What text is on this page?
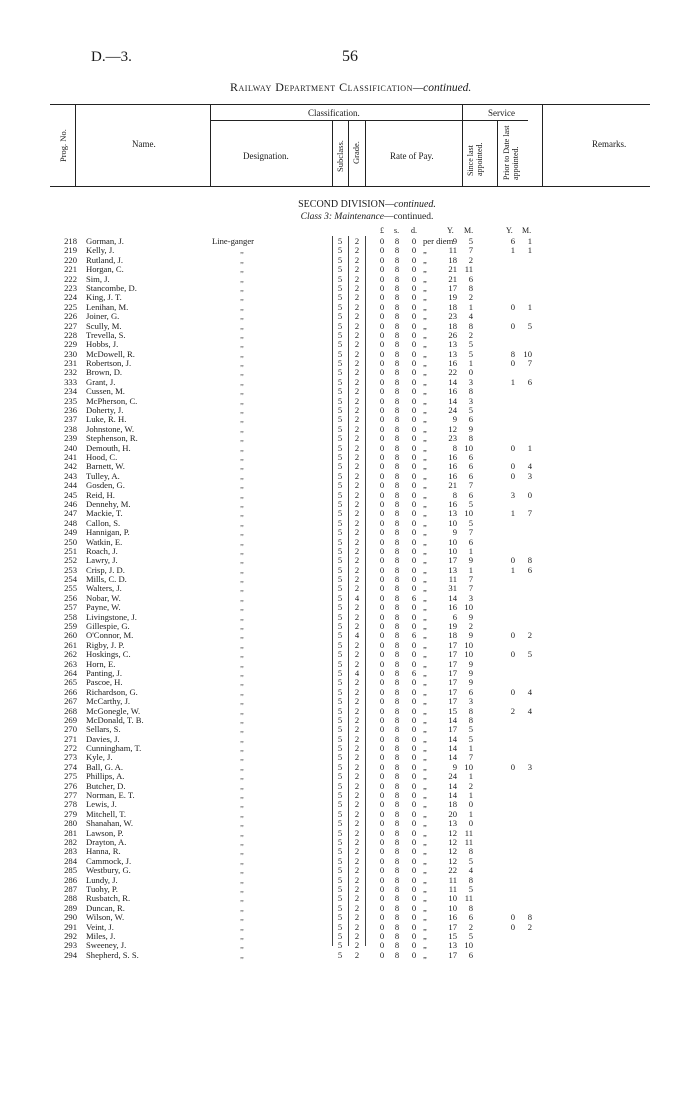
D.—3.	56
Railway Department Classification—continued.
Classification.	Service
Prog. No.	Name.
Designation.	Subclass. Grade.	Rate of Pay.	Since last appointed. Prior to Date last appointed.
Remarks.
SECOND DIVISION—continued.
Class 3: Maintenance—continued.
£ s. d.	Y. M.	Y. M.
218 Gorman, J.	Line-ganger	5	2	0 8 0 per diem 9	5	6	1
219 Kelly, J.	„	5	2	0 8 0 „	11	7	1	1
220 Rutland, J.	„	5	2	0 8 0 „	18	2
221 Horgan, C.	„	5	2	0 8 0 „	21 11
222 Sim, J.	„	5	2	0 8 0 „	21	6
223 Stancombe, D.	„	5	2	0 8 0 „	17	8
224 King, J. T.	„	5	2	0 8 0 „	19	2
225 Lenihan, M.	„	5	2	0 8 0 „	18	1	0	1
226 Joiner, G.	„	5	2	0 8 0 „	23	4
227 Scully, M.	„	5	2	0 8 0 „	18	8	0	5
228 Trevella, S.	„	5	2	0 8 0 „	26	2
229 Hobbs, J.	„	5	2	0 8 0 „	13	5
230 McDowell, R.	„	5	2	0 8 0 „	13	5	8 10
231 Robertson, J.	„	5	2	0 8 0 „	16	1	0	7
232 Brown, D.	„	5	2	0 8 0 „	22	0
333 Grant, J.	„	5	2	0 8 0 „	14	3	1	6
234 Cussen, M.	„	5	2	0 8 0 „	16	8
235 McPherson, C.	„	5	2	0 8 0 „	14	3
236 Doherty, J.	„	5	2	0 8 0 „	24	5
237 Luke, R. H.	„	5	2	0 8 0 „	9	6
238 Johnstone, W.	„	5	2	0 8 0 „	12	9
239 Stephenson, R.	„	5	2	0 8 0 „	23	8
240 Demouth, H.	„	5	2	0 8 0 „	8 10	0	1
241 Hood, C.	„	5	2	0 8 0 „	16	6
242 Barnett, W.	„	5	2	0 8 0 „	16	6	0	4
243 Tulley, A.	„	5	2	0 8 0 „	16	6	0	3
244 Gosden, G.	„	5	2	0 8 0 „	21	7
245 Reid, H.	„	5	2	0 8 0 „	8	6	3	0
246 Dennehy, M.	„	5	2	0 8 0 „	16	5
247 Mackie, T.	„	5	2	0 8 0 „	13 10	1	7
248 Callon, S.	„	5	2	0 8 0 „	10	5
249 Hannigan, P.	„	5	2	0 8 0 „	9	7
250 Watkin, E.	„	5	2	0 8 0 „	10	6
251 Roach, J.	„	5	2	0 8 0 „	10	1
252 Lawry, J.	„	5	2	0 8 0 „	17	9	0	8
253 Crisp, J. D.	„	5	2	0 8 0 „	13	1	1	6
254 Mills, C. D.	„	5	2	0 8 0 „	11	7
255 Walters, J.	„	5	2	0 8 0 „	31	7
256 Nobar, W.	„	5	4	0 8 6 „	14	3
257 Payne, W.	„	5	2	0 8 0 „	16 10
258 Livingstone, J.	„	5	2	0 8 0 „	6	9
259 Gillespie, G.	„	5	2	0 8 0 „	19	2
260 O'Connor, M.	„	5	4	0 8 6 „	18	9	0	2
261 Rigby, J. P.	„	5	2	0 8 0 „	17 10
262 Hoskings, C.	„	5	2	0 8 0 „	17 10	0	5
263 Horn, E.	„	5	2	0 8 0 „	17	9
264 Panting, J.	„	5	4	0 8 6 „	17	9
265 Pascoe, H.	„	5	2	0 8 0 „	17	9
266 Richardson, G.	„	5	2	0 8 0 „	17	6	0	4
267 McCarthy, J.	„	5	2	0 8 0 „	17	3
268 McGonegle, W.	„	5	2	0 8 0 „	15	8	2	4
269 McDonald, T. B.	„	5	2	0 8 0 „	14	8
270 Sellars, S.	„	5	2	0 8 0 „	17	5
271 Davies, J.	„	5	2	0 8 0 „	14	5
272 Cunningham, T.	„	5	2	0 8 0 „	14	1
273 Kyle, J.	„	5	2	0 8 0 „	14	7
274 Ball, G. A.	„	5	2	0 8 0 „	9 10	0	3
275 Phillips, A.	„	5	2	0 8 0 „	24	1
276 Butcher, D.	„	5	2	0 8 0 „	14	2
277 Norman, E. T.	„	5	2	0 8 0 „	14	1
278 Lewis, J.	„	5	2	0 8 0 „	18	0
279 Mitchell, T.	„	5	2	0 8 0 „	20	1
280 Shanahan, W.	„	5	2	0 8 0 „	13	0
281 Lawson, P.	„	5	2	0 8 0 „	12 11
282 Drayton, A.	„	5	2	0 8 0 „	12 11
283 Hanna, R.	„	5	2	0 8 0 „	12	8
284 Cammock, J.	„	5	2	0 8 0 „	12	5
285 Westbury, G.	„	5	2	0 8 0 „	22	4
286 Lundy, J.	„	5	2	0 8 0 „	11	8
287 Tuohy, P.	„	5	2	0 8 0 „	11	5
288 Rusbatch, R.	„	5	2	0 8 0 „	10 11
289 Duncan, R.	„	5	2	0 8 0 „	10	8
290 Wilson, W.	„	5	2	0 8 0 „	16	6	0	8
291 Veint, J.	„	5	2	0 8 0 „	17	2	0	2
292 Miles, J.	„	5	2	0 8 0 „	15	5
293 Sweeney, J.	„	5	2	0 8 0 „	13 10
294 Shepherd, S. S.	„	5	2	0 8 0 „	17	6
